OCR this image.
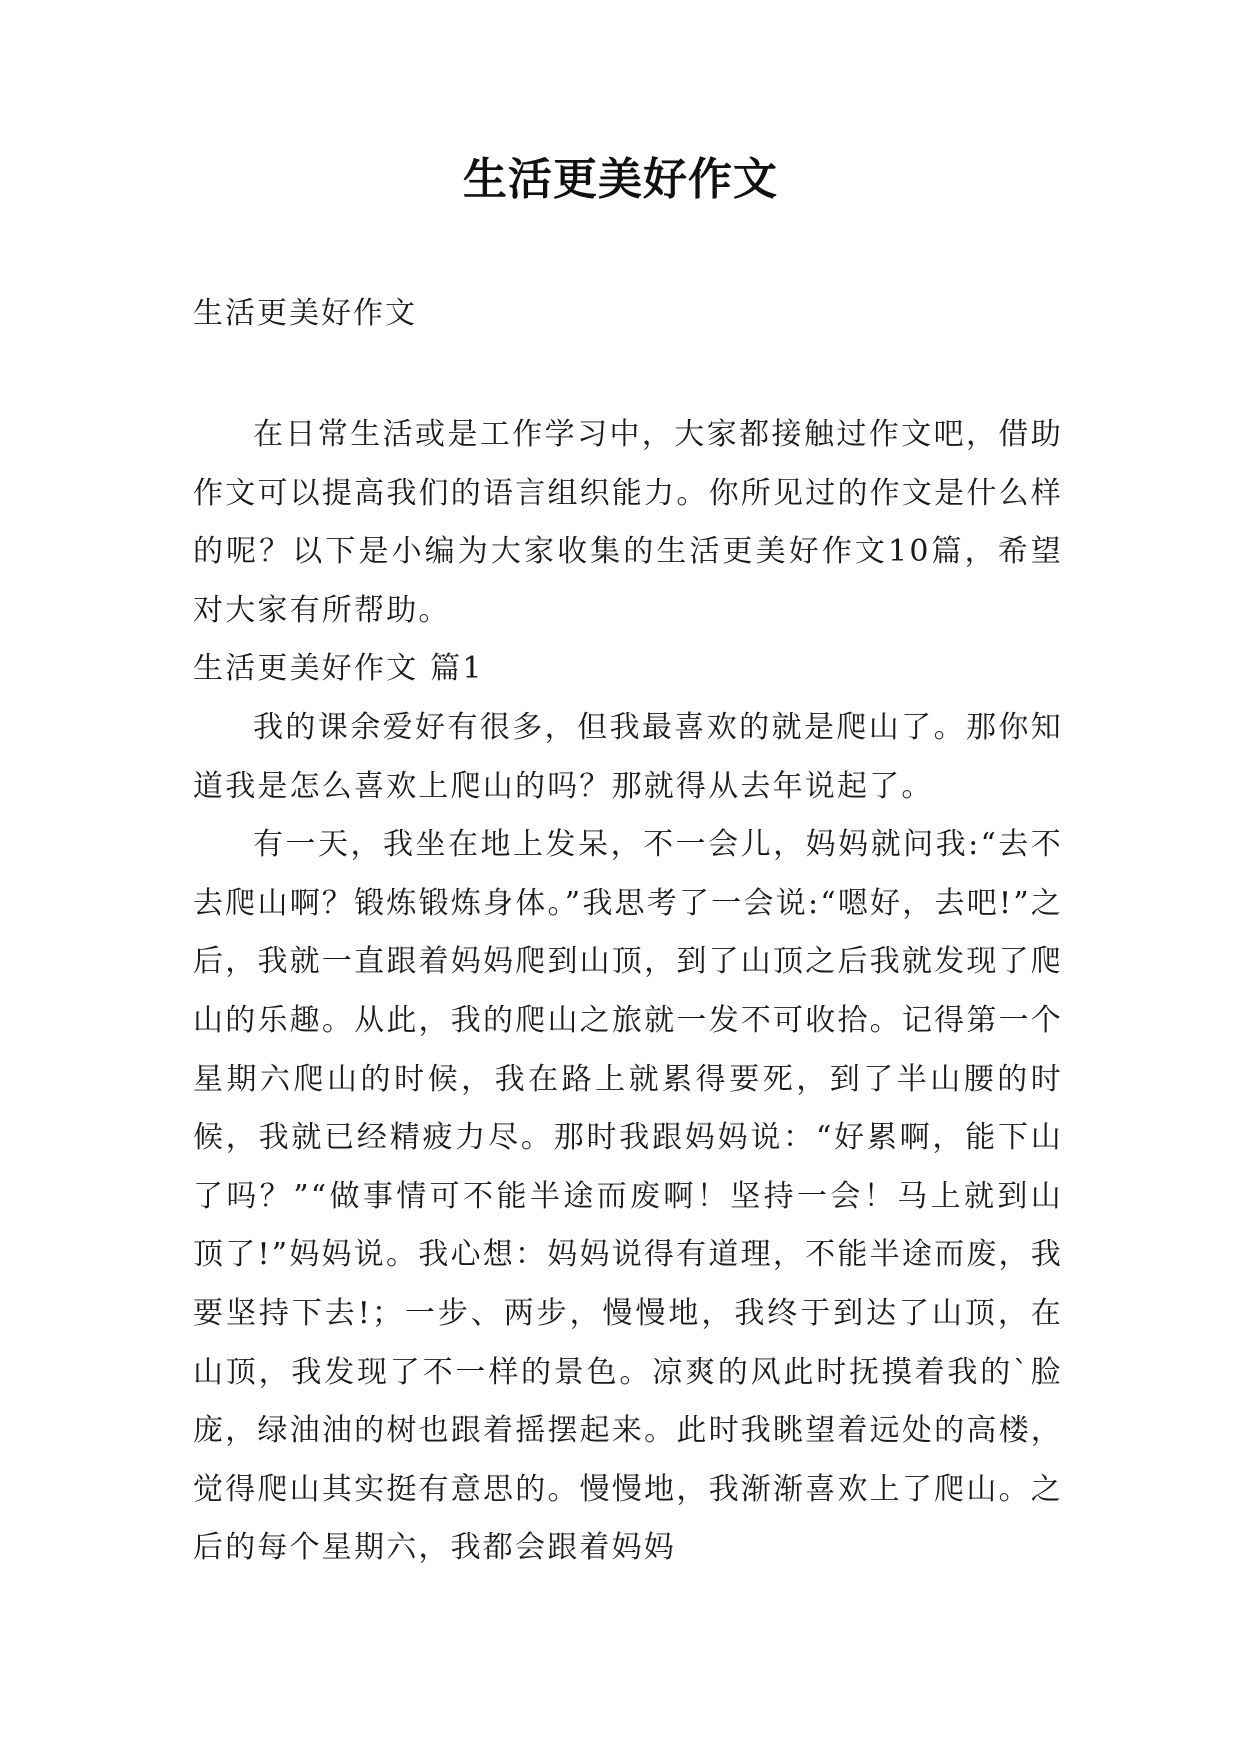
生活更美好作文

生活更美好作文

在日常生活或是工作学习中，大家都接触过作文吧，借助作文可以提高我们的语言组织能力。你所见过的作文是什么样的呢？以下是小编为大家收集的生活更美好作文10篇，希望对大家有所帮助。

生活更美好作文 篇1

我的课余爱好有很多，但我最喜欢的就是爬山了。那你知道我是怎么喜欢上爬山的吗？那就得从去年说起了。

有一天，我坐在地上发呆，不一会儿，妈妈就问我:“去不去爬山啊？锻炼锻炼身体。”我思考了一会说:“嗯好，去吧!”之后，我就一直跟着妈妈爬到山顶，到了山顶之后我就发现了爬山的乐趣。从此，我的爬山之旅就一发不可收拾。记得第一个星期六爬山的时候，我在路上就累得要死，到了半山腰的时候，我就已经精疲力尽。那时我跟妈妈说：“好累啊，能下山了吗？”“做事情可不能半途而废啊！坚持一会！马上就到山顶了!”妈妈说。我心想：妈妈说得有道理，不能半途而废，我要坚持下去!；一步、两步，慢慢地，我终于到达了山顶，在山顶，我发现了不一样的景色。凉爽的风此时抚摸着我的`脸庞，绿油油的树也跟着摇摆起来。此时我眺望着远处的高楼，觉得爬山其实挺有意思的。慢慢地，我渐渐喜欢上了爬山。之后的每个星期六，我都会跟着妈妈
